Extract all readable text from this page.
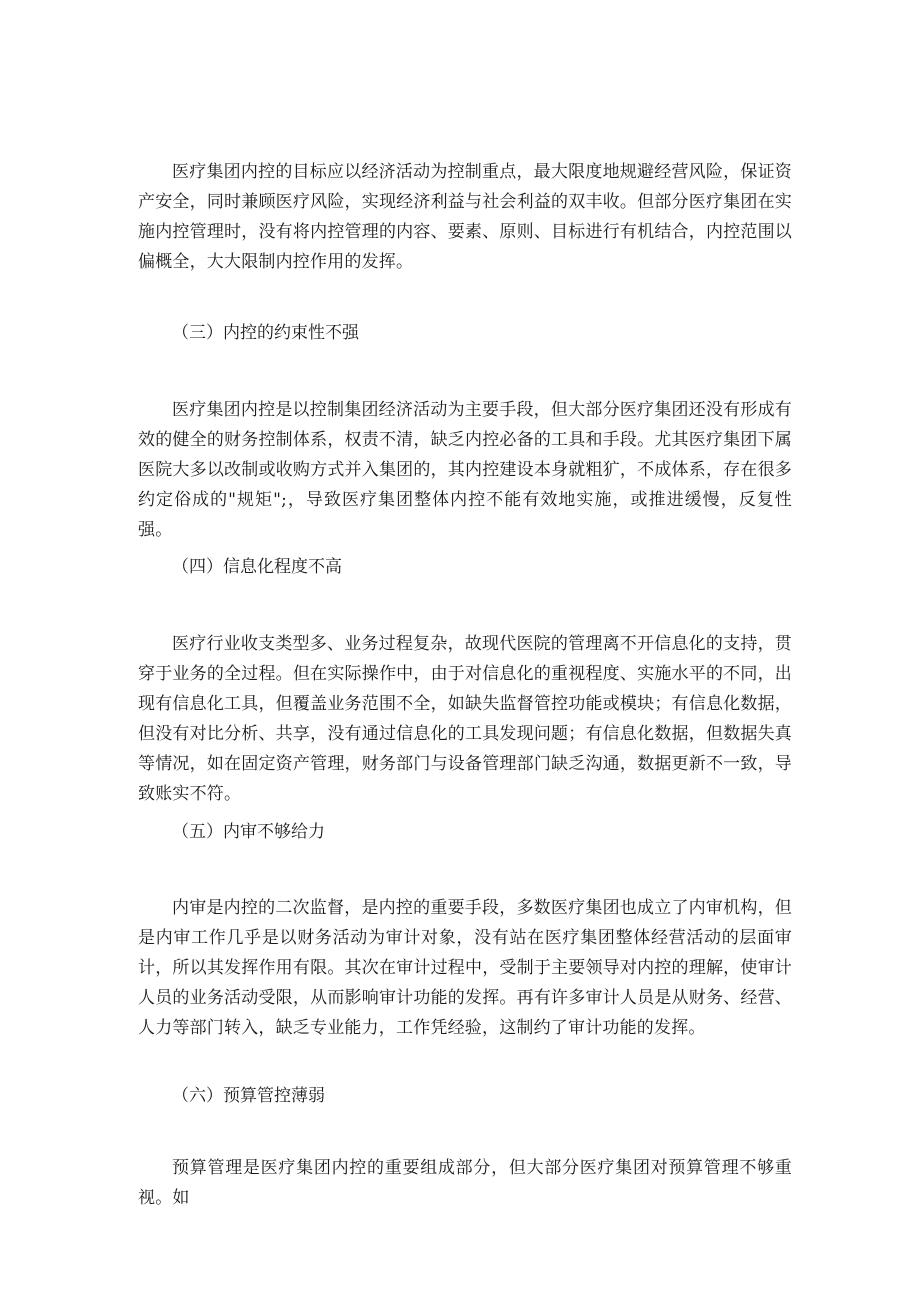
医疗集团内控的目标应以经济活动为控制重点，最大限度地规避经营风险，保证资产安全，同时兼顾医疗风险，实现经济利益与社会利益的双丰收。但部分医疗集团在实施内控管理时，没有将内控管理的内容、要素、原则、目标进行有机结合，内控范围以偏概全，大大限制内控作用的发挥。

（三）内控的约束性不强

医疗集团内控是以控制集团经济活动为主要手段，但大部分医疗集团还没有形成有效的健全的财务控制体系，权责不清，缺乏内控必备的工具和手段。尤其医疗集团下属医院大多以改制或收购方式并入集团的，其内控建设本身就粗犷，不成体系，存在很多约定俗成的"规矩";，导致医疗集团整体内控不能有效地实施，或推进缓慢，反复性强。

（四）信息化程度不高

医疗行业收支类型多、业务过程复杂，故现代医院的管理离不开信息化的支持，贯穿于业务的全过程。但在实际操作中，由于对信息化的重视程度、实施水平的不同，出现有信息化工具，但覆盖业务范围不全，如缺失监督管控功能或模块；有信息化数据，但没有对比分析、共享，没有通过信息化的工具发现问题；有信息化数据，但数据失真等情况，如在固定资产管理，财务部门与设备管理部门缺乏沟通，数据更新不一致，导致账实不符。

（五）内审不够给力

内审是内控的二次监督，是内控的重要手段，多数医疗集团也成立了内审机构，但是内审工作几乎是以财务活动为审计对象，没有站在医疗集团整体经营活动的层面审计，所以其发挥作用有限。其次在审计过程中，受制于主要领导对内控的理解，使审计人员的业务活动受限，从而影响审计功能的发挥。再有许多审计人员是从财务、经营、人力等部门转入，缺乏专业能力，工作凭经验，这制约了审计功能的发挥。

（六）预算管控薄弱

预算管理是医疗集团内控的重要组成部分，但大部分医疗集团对预算管理不够重视。如
